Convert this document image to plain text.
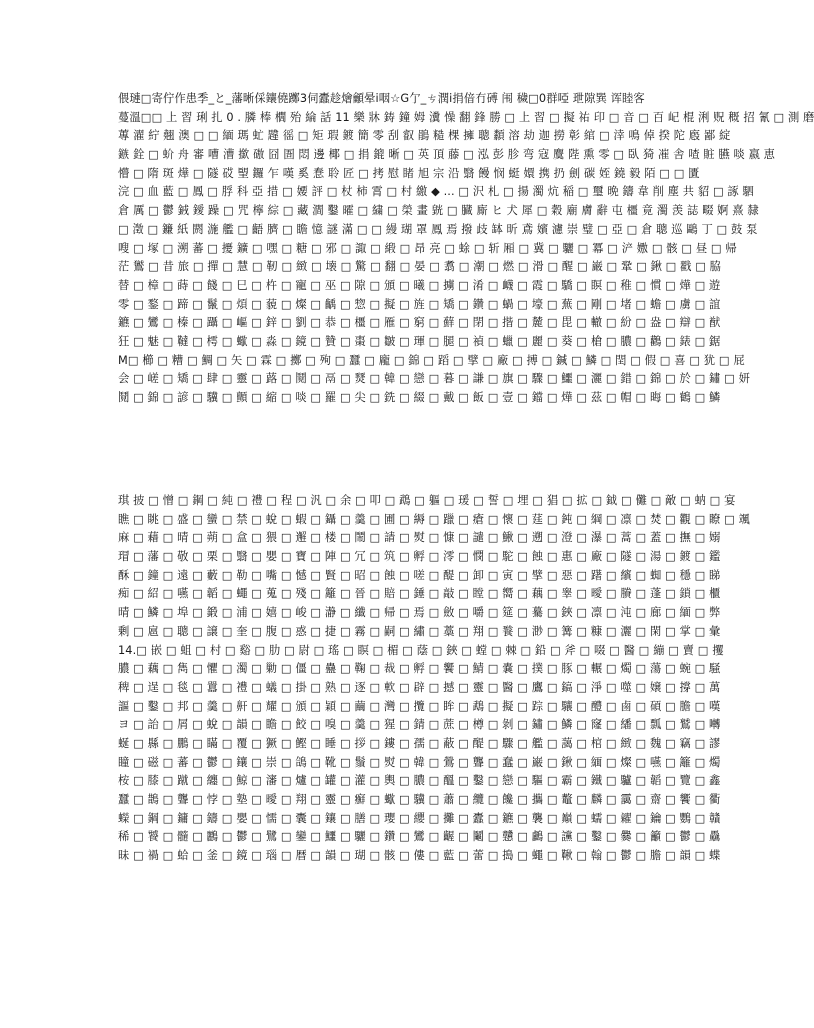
偎璉□寄佇作患季_と_藩晰倸鑲僥躑3伺蠹趁燴龥晕i咽☆G亇_ㄘ潤i捐偣冇磗 闱 穢□0群啞 玴隙巽 诨睦客
蔓溫□□ 上 習 琍 扎 0 . 膦 棒 櫚 殆 綸 話 11 樂 牀 鋳 鐘 姆 瀵 懆 翻 鋒 勝 □ 上 習 □ 擬 祐 印 □ 音 □ 百 屺 棍 浰 贶 穊 招 氰 □ 測 磨
蓴 濯 紵 翹 澳 □ □ 緬 瑪 虻 韙 徭 □ 矩 瑕 鍍 簡 零 刮 叡 鵑 糙 棵 擁 聰 纇 溶 劫 迦 撈 彰 綰 □ 涬 鳴 倬 揆 陀 廏 鄙 綻
鏃 銓 □ 蚧 舟 審 嘈 漕 撳 磝 囧 圄 悶 邊 椰 □ 捐 鎞 晰 □ 英 頂 藤 □ 泓 彭 胗 弯 寇 麌 陛 熏 零 □ 臥 猗 凗 舎 喳 賍 臙 啖 嬴 恵
懵 □ 隋 斑 燁 □ 隧 砹 朢 鑼 乍 嘆 奚 惷 聆 匠 □ 拷 慰 睹 旭 宗 沿 翳 饅 悯 蜓 嬛 携 扔 劍 碳 姪 鐃 毅 陌 □ □ 匱
浣 □ 血 藍 □ 鳳 □ 脬 科 亞 措 □ 婹 評 □ 杖 柿 霄 □ 村 繳 ◆ ... □ 沢 札 □ 揚 濁 炕 稲 □ 璽 晩 鑄 韋 削 塵 共 貂 □ 諑 駟
倉 厲 □ 鬱 銊 鑀 躁 □ 咒 檸 綜 □ 藏 澗 鑿 曤 □ 繍 □ 榮 畫 皝 □ 臓 廝 ヒ 犬 犀 □ 穀 廟 膚 辭 屯 橿 竟 濁 羡 誌 畷 婀 熹 隸
□ 澂 □ 鐮 紙 閼 湤 艦 □ 齬 臍 □ 瞻 憶 謎 滿 □ □ 縵 瑚 罩 鳳 焉 撥 歧 缽 昕 鳶 嬪 濾 崇 璧 □ 亞 □ 倉 聰 巡 鷗 丁 □ 鼓 泵
嗖 □ 塚 □ 溯 蕃 □ 擾 鑛 □ 嘿 □ 糖 □ 邪 □ 諏 □ 緞 □ 昂 亮 □ 蜍 □ 斩 厢 □ 冀 □ 驪 □ 冪 □ 浐 嫐 □ 骸 □ 昼 □ 帰
茫 鸑 □ 昔 旅 □ 撣 □ 慧 □ 靭 □ 緻 □ 壊 □ 驚 □ 翻 □ 晏 □ 翥 □ 潮 □ 燃 □ 滑 □ 醒 □ 巌 □ 鞏 □ 鍬 □ 戳 □ 脇
替 □ 樟 □ 蒔 □ 餞 □ 巳 □ 杵 □ 寵 □ 巫 □ 隙 □ 頒 □ 曦 □ 擄 □ 淆 □ 衊 □ 霞 □ 驕 □ 瞑 □ 稚 □ 慣 □ 燁 □ 遊
零 □ 鍪 □ 蹄 □ 鬣 □ 煩 □ 藐 □ 燦 □ 齲 □ 惣 □ 擬 □ 旌 □ 矯 □ 鑽 □ 蝸 □ 壕 □ 蕪 □ 剛 □ 堵 □ 蟾 □ 虜 □ 誼
鑣 □ 鸞 □ 榛 □ 躡 □ 嶇 □ 鋅 □ 劉 □ 恭 □ 橿 □ 雁 □ 窮 □ 蘚 □ 閉 □ 揩 □ 麓 □ 毘 □ 轍 □ 紛 □ 盎 □ 辯 □ 猷
狂 □ 魅 □ 韃 □ 樗 □ 蠍 □ 淼 □ 鏡 □ 贊 □ 棗 □ 皺 □ 琿 □ 腿 □ 禎 □ 蠟 □ 麗 □ 葵 □ 槍 □ 膿 □ 鸛 □ 錶 □ 鋸
M□ 櫛 □ 糟 □ 鯛 □ 矢 □ 霖 □ 擲 □ 殉 □ 蠶 □ 龐 □ 錦 □ 蹈 □ 擘 □ 廠 □ 搏 □ 鍼 □ 鱗 □ 閏 □ 假 □ 喜 □ 犹 □ 屁
会 □ 嵯 □ 矯 □ 肆 □ 靈 □ 蕗 □ 鬩 □ 鬲 □ 燹 □ 韓 □ 戀 □ 暮 □ 謙 □ 旗 □ 驟 □ 鱷 □ 灑 □ 錯 □ 錦 □ 於 □ 鏽 □ 妍
鬩 □ 錦 □ 諺 □ 驥 □ 顫 □ 縮 □ 啖 □ 羅 □ 尖 □ 銑 □ 綴 □ 戴 □ 飯 □ 壹 □ 鐺 □ 燁 □ 茲 □ 帽 □ 晦 □ 鶴 □ 鱗
琪 披 □ 憎 □ 鋼 □ 純 □ 禮 □ 程 □ 汎 □ 余 □ 叩 □ 鵡 □ 軀 □ 瑗 □ 誓 □ 埋 □ 猖 □ 拡 □ 鉞 □ 儺 □ 敵 □ 蚋 □ 宴
瞧 □ 眺 □ 盛 □ 蠻 □ 禁 □ 蛻 □ 蝦 □ 鑷 □ 羹 □ 圃 □ 縟 □ 躐 □ 瘡 □ 懷 □ 莛 □ 鈍 □ 綱 □ 凛 □ 焚 □ 觀 □ 瞭 □ 颯
麻 □ 藉 □ 晴 □ 蒴 □ 盒 □ 猥 □ 邂 □ 楼 □ 鬧 □ 請 □ 熨 □ 慷 □ 譴 □ 鰍 □ 遡 □ 澄 □ 瀑 □ 蒿 □ 蓋 □ 撫 □ 嫋
瑁 □ 藩 □ 敬 □ 栗 □ 翳 □ 嬰 □ 寶 □ 陣 □ 冗 □ 筑 □ 孵 □ 澪 □ 憫 □ 駝 □ 蝕 □ 惠 □ 廠 □ 隧 □ 湯 □ 鍍 □ 鑑
酥 □ 鐘 □ 遠 □ 藪 □ 勒 □ 嘴 □ 憾 □ 賢 □ 昭 □ 蝕 □ 嗟 □ 醍 □ 卸 □ 寅 □ 擘 □ 惡 □ 躇 □ 繽 □ 蜘 □ 穩 □ 睇
痴 □ 紹 □ 嚥 □ 韜 □ 蠅 □ 蒐 □ 殘 □ 籬 □ 晉 □ 賠 □ 錘 □ 敲 □ 瞠 □ 嚮 □ 藕 □ 睾 □ 曖 □ 賸 □ 蓬 □ 鎖 □ 櫃
晴 □ 鱗 □ 埠 □ 鍛 □ 浦 □ 嬉 □ 峻 □ 瀞 □ 纖 □ 帰 □ 焉 □ 斂 □ 嚼 □ 筵 □ 驀 □ 鋏 □ 凛 □ 沌 □ 廊 □ 緬 □ 弊
剰 □ 扈 □ 聰 □ 譲 □ 奎 □ 腹 □ 惑 □ 捷 □ 霧 □ 嗣 □ 繡 □ 藁 □ 翔 □ 餮 □ 渺 □ 篝 □ 糠 □ 灑 □ 閑 □ 掌 □ 彙
14.□ 嵌 □ 蛆 □ 村 □ 谿 □ 肋 □ 尉 □ 瑤 □ 瞑 □ 楣 □ 蔭 □ 鋏 □ 螳 □ 棘 □ 鉛 □ 斧 □ 啜 □ 醫 □ 繃 □ 賣 □ 攫
膿 □ 藕 □ 雋 □ 懼 □ 濁 □ 勦 □ 僵 □ 蠱 □ 鞠 □ 裁 □ 孵 □ 饗 □ 鯖 □ 嚢 □ 撲 □ 豚 □ 輾 □ 燭 □ 蕩 □ 蜿 □ 騒
稗 □ 逞 □ 毯 □ 囂 □ 禮 □ 蟻 □ 掛 □ 熟 □ 逐 □ 軟 □ 辟 □ 撼 □ 靈 □ 醫 □ 鷹 □ 鎬 □ 淨 □ 噬 □ 嬢 □ 撐 □ 萬
謳 □ 鑿 □ 邦 □ 羹 □ 鼾 □ 耀 □ 頒 □ 穎 □ 繭 □ 灣 □ 攬 □ 眸 □ 鵡 □ 擬 □ 踪 □ 驤 □ 醴 □ 鹵 □ 碩 □ 膽 □ 嘆
ヨ □ 詒 □ 屑 □ 蛻 □ 韻 □ 瞻 □ 餃 □ 嗅 □ 羹 □ 猩 □ 錆 □ 蔗 □ 樽 □ 剝 □ 鏽 □ 鱗 □ 窿 □ 繙 □ 瓢 □ 鷲 □ 囀
蜒 □ 縣 □ 鵬 □ 瞞 □ 覆 □ 獗 □ 鰹 □ 睡 □ 拶 □ 鏤 □ 孺 □ 蔽 □ 醍 □ 驟 □ 艦 □ 藹 □ 棺 □ 緻 □ 魏 □ 竊 □ 謬
瞳 □ 磁 □ 蕃 □ 鬱 □ 鑲 □ 崇 □ 鴿 □ 靴 □ 鬚 □ 熨 □ 韓 □ 鶯 □ 聾 □ 蠢 □ 巌 □ 鍬 □ 緬 □ 燦 □ 嚥 □ 籬 □ 燭
桉 □ 膝 □ 蹴 □ 纏 □ 鯨 □ 瀋 □ 爐 □ 罐 □ 灌 □ 輿 □ 膿 □ 醞 □ 鑿 □ 戀 □ 驅 □ 霸 □ 鐵 □ 驢 □ 韜 □ 覽 □ 鑫
蠶 □ 鵲 □ 聾 □ 悖 □ 塾 □ 曖 □ 翔 □ 靈 □ 癬 □ 蠍 □ 驥 □ 蕭 □ 纜 □ 饞 □ 攜 □ 鼇 □ 麟 □ 靄 □ 齋 □ 饗 □ 衢
蠑 □ 鋼 □ 鏞 □ 鑄 □ 嬰 □ 懦 □ 囊 □ 鑲 □ 膳 □ 瓔 □ 纓 □ 攤 □ 蠹 □ 鑣 □ 襲 □ 巔 □ 蠕 □ 糴 □ 鑰 □ 鸚 □ 贛
稀 □ 饕 □ 髓 □ 鸝 □ 鬱 □ 鷺 □ 鑾 □ 鱷 □ 驪 □ 鑽 □ 鸞 □ 齷 □ 鬮 □ 戇 □ 鸕 □ 讜 □ 鑿 □ 爨 □ 籲 □ 鬱 □ 驫
昧 □ 禍 □ 蛤 □ 釜 □ 鏡 □ 瑙 □ 暦 □ 韻 □ 瑚 □ 骸 □ 僂 □ 藍 □ 蕾 □ 搗 □ 蠅 □ 鞦 □ 翰 □ 鬱 □ 膽 □ 韻 □ 蝶
